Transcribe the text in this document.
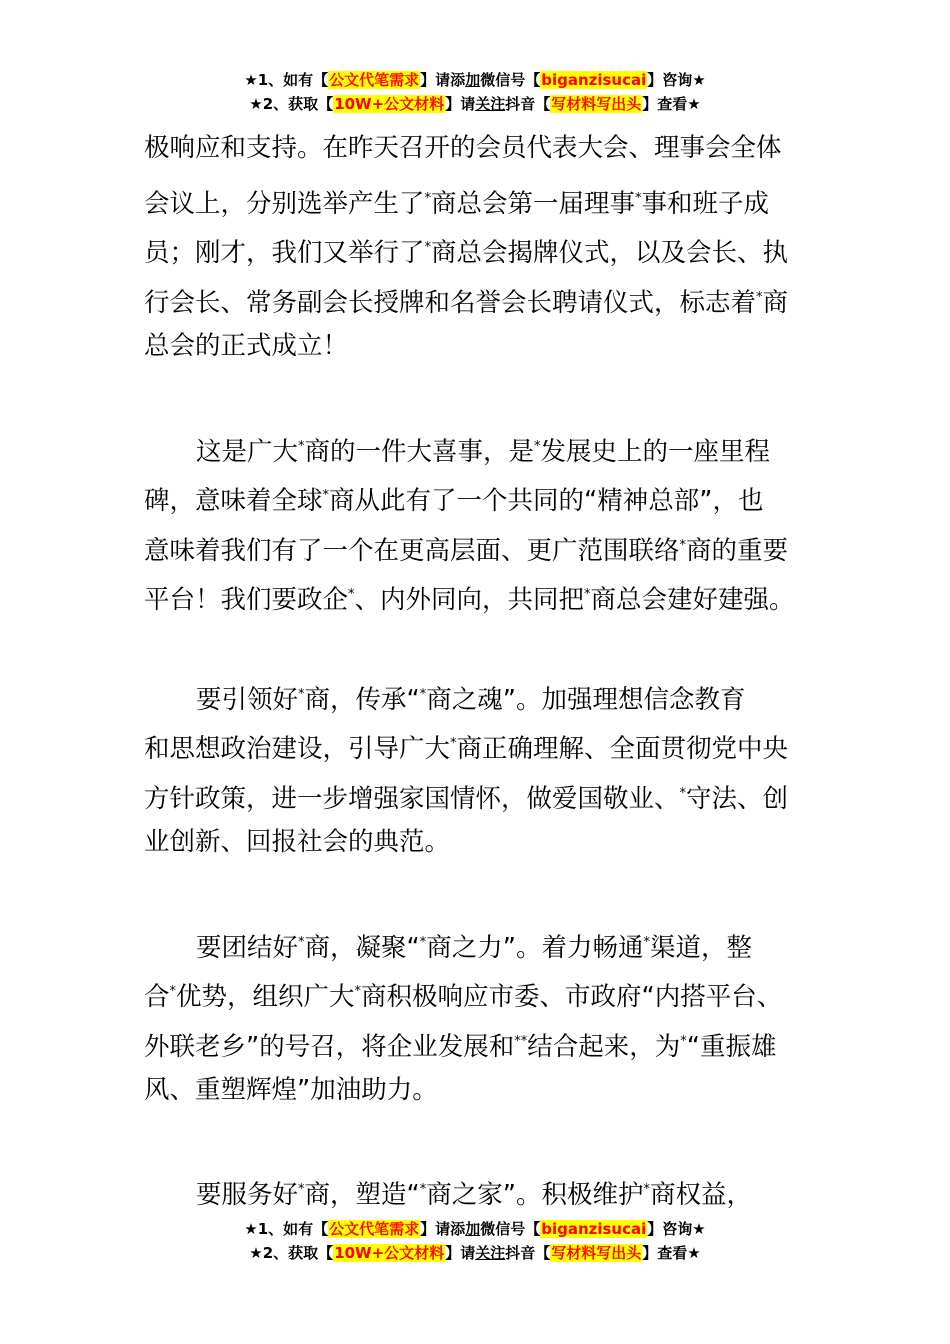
★1、如有【公文代笔需求】请添加微信号【biganzisucai】咨询★
★2、获取【10W+公文材料】请关注抖音【写材料写出头】查看★
极响应和支持。在昨天召开的会员代表大会、理事会全体
会议上，分别选举产生了*商总会第一届理事*事和班子成
员；刚才，我们又举行了*商总会揭牌仪式，以及会长、执
行会长、常务副会长授牌和名誉会长聘请仪式，标志着*商
总会的正式成立！
这是广大*商的一件大喜事，是*发展史上的一座里程
碑，意味着全球*商从此有了一个共同的“精神总部”，也
意味着我们有了一个在更高层面、更广范围联络*商的重要
平台！我们要政企*、内外同向，共同把*商总会建好建强。
要引领好*商，传承“*商之魂”。加强理想信念教育
和思想政治建设，引导广大*商正确理解、全面贯彻党中央
方针政策，进一步增强家国情怀，做爱国敬业、*守法、创
业创新、回报社会的典范。
要团结好*商，凝聚“*商之力”。着力畅通*渠道，整
合*优势，组织广大*商积极响应市委、市政府“内搭平台、
外联老乡”的号召，将企业发展和**结合起来，为*“重振雄
风、重塑辉煌”加油助力。
要服务好*商，塑造“*商之家”。积极维护*商权益，
★1、如有【公文代笔需求】请添加微信号【biganzisucai】咨询★
★2、获取【10W+公文材料】请关注抖音【写材料写出头】查看★
